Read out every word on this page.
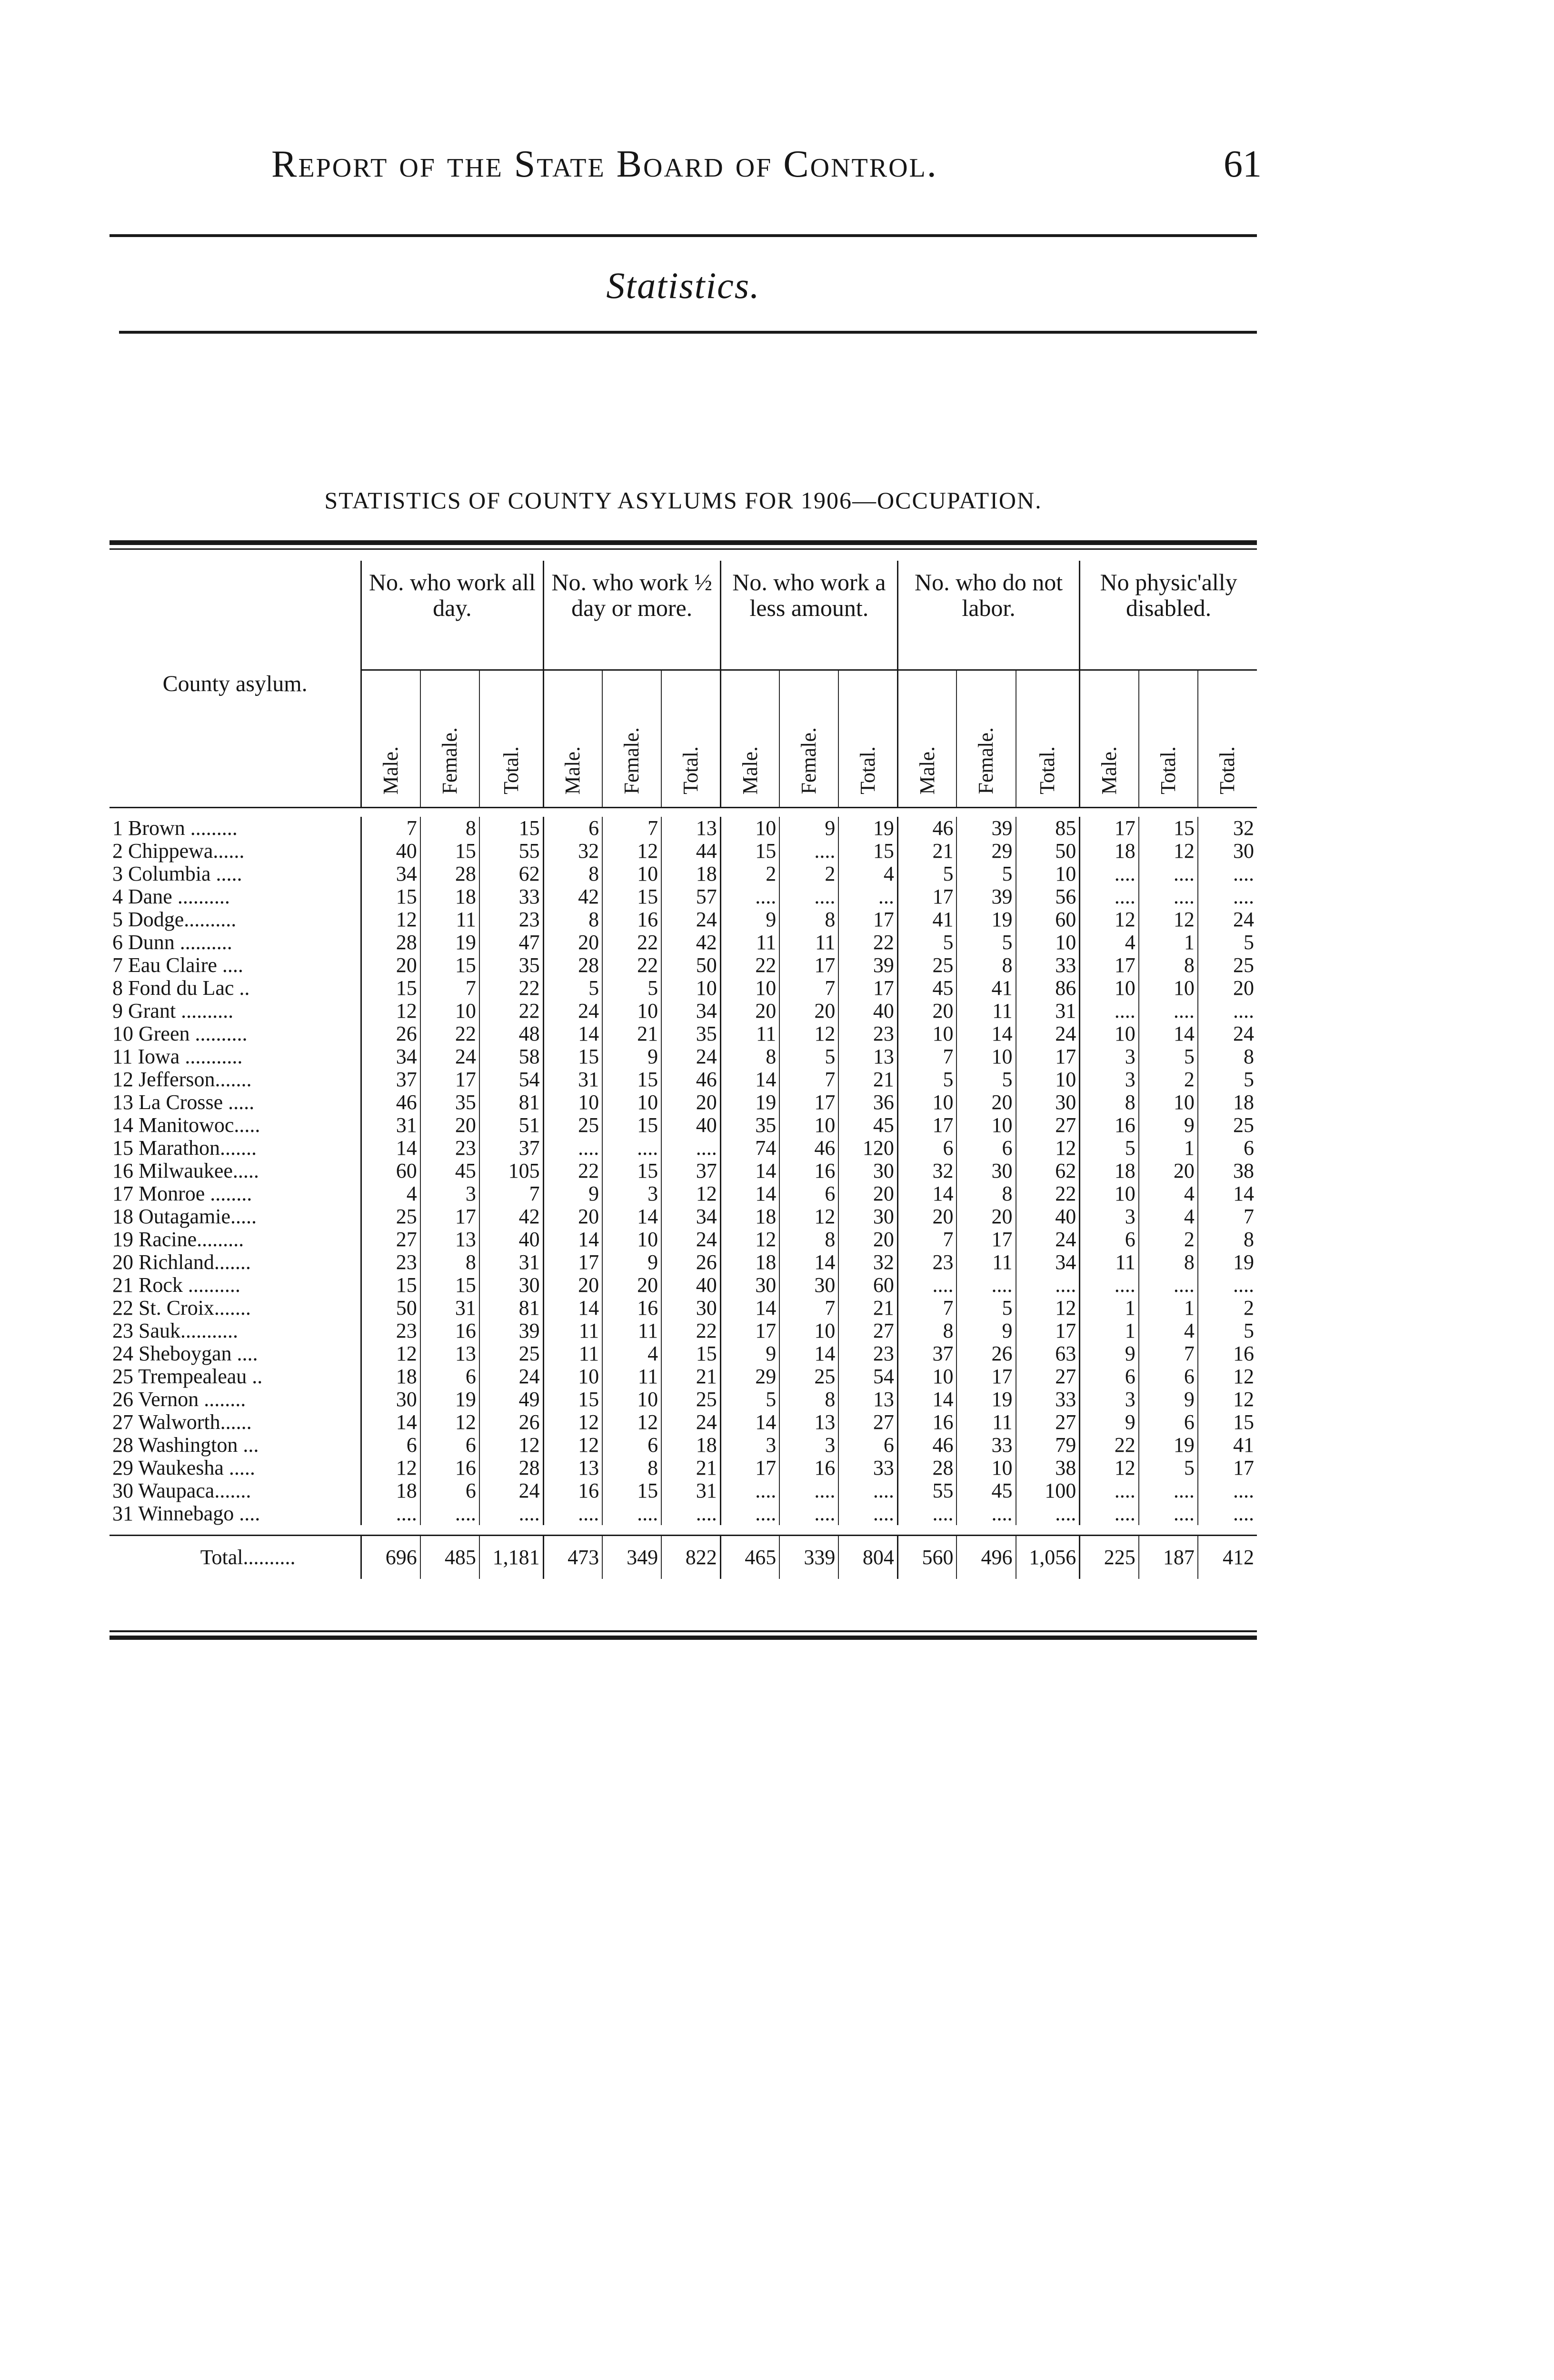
Report of the State Board of Control.	61
Statistics.
STATISTICS OF COUNTY ASYLUMS FOR 1906—OCCUPATION.
County asylum.	No. who work all day.			No. who work ½ day or more.			No. who work a less amount.			No. who do not labor.			No physic'ally disabled.		

	Male.	Female.	Total.	Male.	Female.	Total.	Male.	Female.	Total.	Male.	Female.	Total.	Male.	Total.	Total.

1 Brown .........	7	8	15	6	7	13	10	9	19	46	39	85	17	15	32
2 Chippewa......	40	15	55	32	12	44	15	....	15	21	29	50	18	12	30
3 Columbia .....	34	28	62	8	10	18	2	2	4	5	5	10	....	....	....
4 Dane ..........	15	18	33	42	15	57	....	....	...	17	39	56	....	....	....
5 Dodge..........	12	11	23	8	16	24	9	8	17	41	19	60	12	12	24
6 Dunn ..........	28	19	47	20	22	42	11	11	22	5	5	10	4	1	5
7 Eau Claire ....	20	15	35	28	22	50	22	17	39	25	8	33	17	8	25
8 Fond du Lac ..	15	7	22	5	5	10	10	7	17	45	41	86	10	10	20
9 Grant ..........	12	10	22	24	10	34	20	20	40	20	11	31	....	....	....
10 Green ..........	26	22	48	14	21	35	11	12	23	10	14	24	10	14	24
11 Iowa ...........	34	24	58	15	9	24	8	5	13	7	10	17	3	5	8
12 Jefferson.......	37	17	54	31	15	46	14	7	21	5	5	10	3	2	5
13 La Crosse .....	46	35	81	10	10	20	19	17	36	10	20	30	8	10	18
14 Manitowoc.....	31	20	51	25	15	40	35	10	45	17	10	27	16	9	25
15 Marathon.......	14	23	37	....	....	....	74	46	120	6	6	12	5	1	6
16 Milwaukee.....	60	45	105	22	15	37	14	16	30	32	30	62	18	20	38
17 Monroe ........	4	3	7	9	3	12	14	6	20	14	8	22	10	4	14
18 Outagamie.....	25	17	42	20	14	34	18	12	30	20	20	40	3	4	7
19 Racine.........	27	13	40	14	10	24	12	8	20	7	17	24	6	2	8
20 Richland.......	23	8	31	17	9	26	18	14	32	23	11	34	11	8	19
21 Rock ..........	15	15	30	20	20	40	30	30	60	....	....	....	....	....	....
22 St. Croix.......	50	31	81	14	16	30	14	7	21	7	5	12	1	1	2
23 Sauk...........	23	16	39	11	11	22	17	10	27	8	9	17	1	4	5
24 Sheboygan ....	12	13	25	11	4	15	9	14	23	37	26	63	9	7	16
25 Trempealeau ..	18	6	24	10	11	21	29	25	54	10	17	27	6	6	12
26 Vernon ........	30	19	49	15	10	25	5	8	13	14	19	33	3	9	12
27 Walworth......	14	12	26	12	12	24	14	13	27	16	11	27	9	6	15
28 Washington ...	6	6	12	12	6	18	3	3	6	46	33	79	22	19	41
29 Waukesha .....	12	16	28	13	8	21	17	16	33	28	10	38	12	5	17
30 Waupaca.......	18	6	24	16	15	31	....	....	....	55	45	100	....	....	....
31 Winnebago ....	....	....	....	....	....	....	....	....	....	....	....	....	....	....	....

Total..........	696	485	1,181	473	349	822	465	339	804	560	496	1,056	225	187	412
